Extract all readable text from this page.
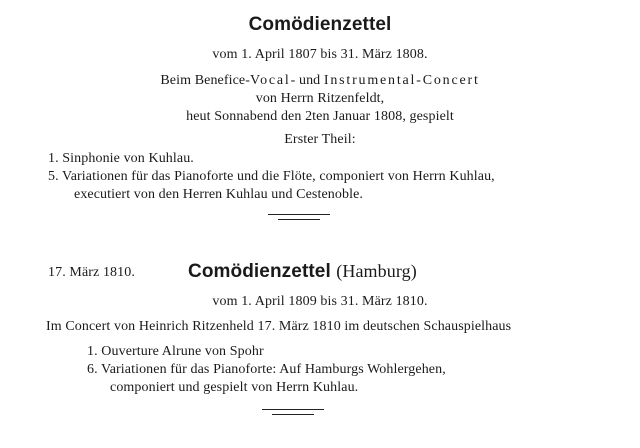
Comödienzettel
vom 1. April 1807 bis 31. März 1808.
Beim Benefice-Vocal- und Instrumental-Concert
von Herrn Ritzenfeldt,
heut Sonnabend den 2ten Januar 1808, gespielt
Erster Theil:
1. Sinphonie von Kuhlau.
5. Variationen für das Pianoforte und die Flöte, componiert von Herrn Kuhlau,
executiert von den Herren Kuhlau und Cestenoble.
17. März 1810.	Comödienzettel (Hamburg)
vom 1. April 1809 bis 31. März 1810.
Im Concert von Heinrich Ritzenheld 17. März 1810 im deutschen Schauspielhaus
1. Ouverture Alrune von Spohr
6. Variationen für das Pianoforte: Auf Hamburgs Wohlergehen,
componiert und gespielt von Herrn Kuhlau.
